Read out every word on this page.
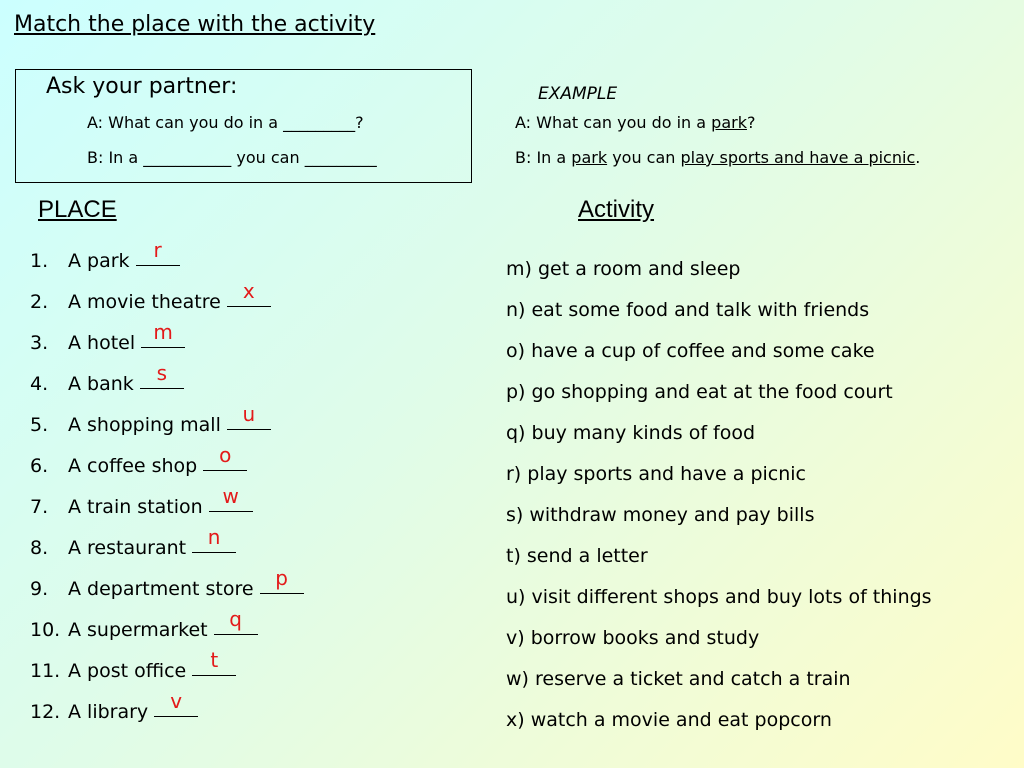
Match the place with the activity
Ask your partner:
A: What can you do in a _________?
B: In a ___________ you can _________
EXAMPLE
A: What can you do in a park?
B: In a park you can play sports and have a picnic.
PLACE	Activity
1. A park	r
2. A movie theatre	x
3. A hotel m
4. A bank	s
5. A shopping mall	u
6. A coffee shop	o
7. A train station w
8. A restaurant	n
9. A department store	p
10. A supermarket	q
11. A post office	t
12. A library	v
m) get a room and sleep
n) eat some food and talk with friends
o) have a cup of coffee and some cake
p) go shopping and eat at the food court
q) buy many kinds of food
r) play sports and have a picnic
s) withdraw money and pay bills
t) send a letter
u) visit different shops and buy lots of things
v) borrow books and study
w) reserve a ticket and catch a train
x) watch a movie and eat popcorn
